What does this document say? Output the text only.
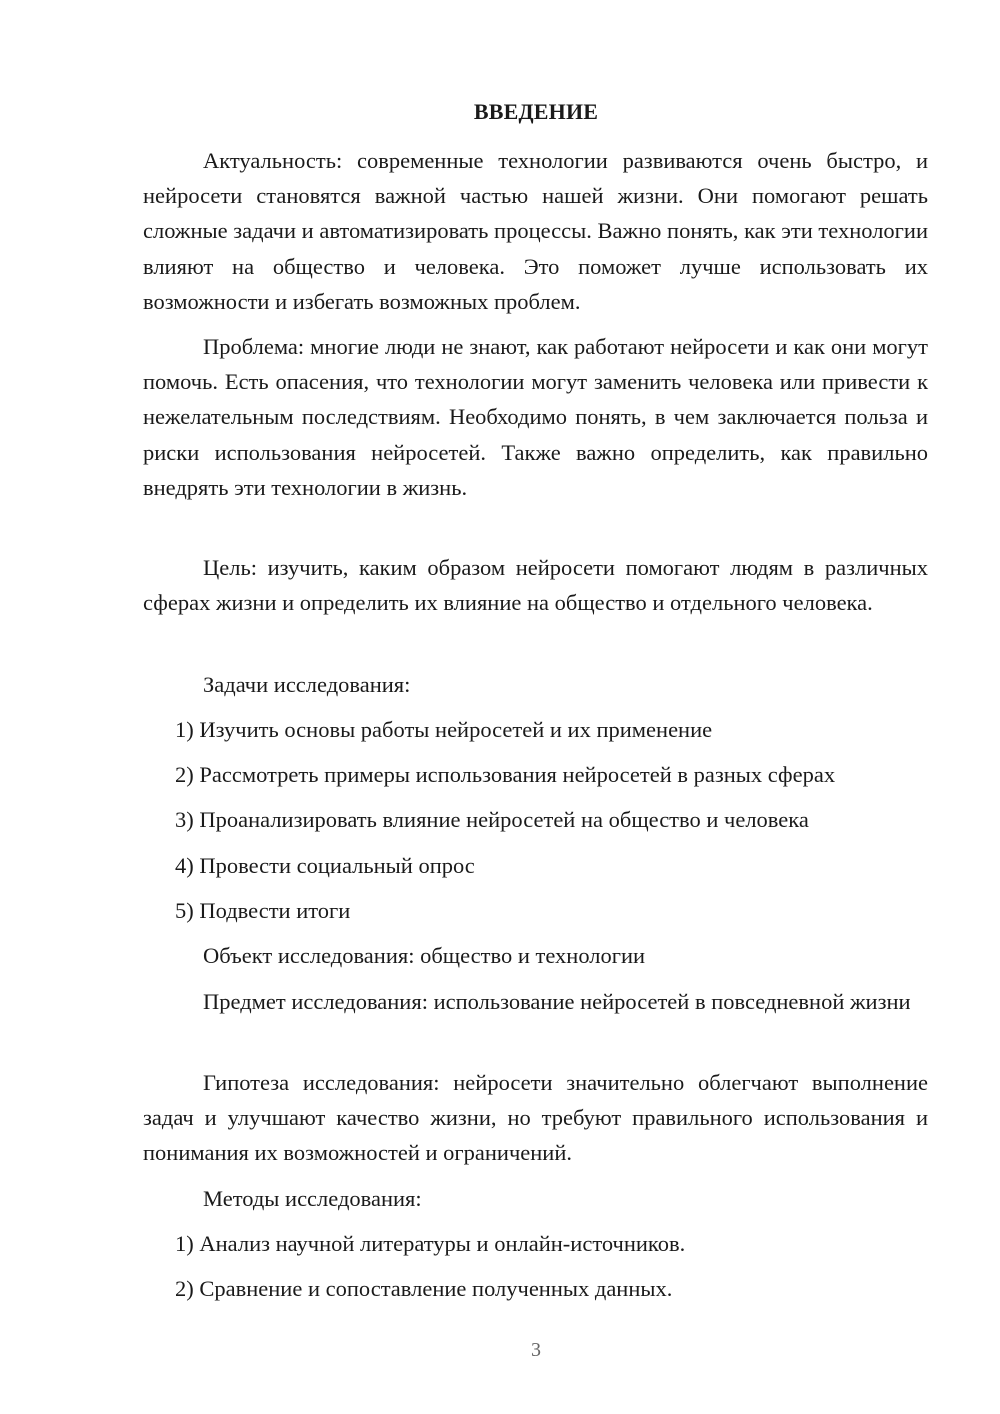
ВВЕДЕНИЕ

Актуальность: современные технологии развиваются очень быстро, и нейросети становятся важной частью нашей жизни. Они помогают решать сложные задачи и автоматизировать процессы. Важно понять, как эти технологии влияют на общество и человека. Это поможет лучше использовать их возможности и избегать возможных проблем.

Проблема: многие люди не знают, как работают нейросети и как они могут помочь. Есть опасения, что технологии могут заменить человека или привести к нежелательным последствиям. Необходимо понять, в чем заключается польза и риски использования нейросетей. Также важно определить, как правильно внедрять эти технологии в жизнь.

Цель: изучить, каким образом нейросети помогают людям в различных сферах жизни и определить их влияние на общество и отдельного человека.

Задачи исследования:
1) Изучить основы работы нейросетей и их применение
2) Рассмотреть примеры использования нейросетей в разных сферах
3) Проанализировать влияние нейросетей на общество и человека
4) Провести социальный опрос
5) Подвести итоги
Объект исследования: общество и технологии

Предмет исследования: использование нейросетей в повседневной жизни

Гипотеза исследования: нейросети значительно облегчают выполнение задач и улучшают качество жизни, но требуют правильного использования и понимания их возможностей и ограничений.

Методы исследования:
1) Анализ научной литературы и онлайн-источников.
2) Сравнение и сопоставление полученных данных.
3
